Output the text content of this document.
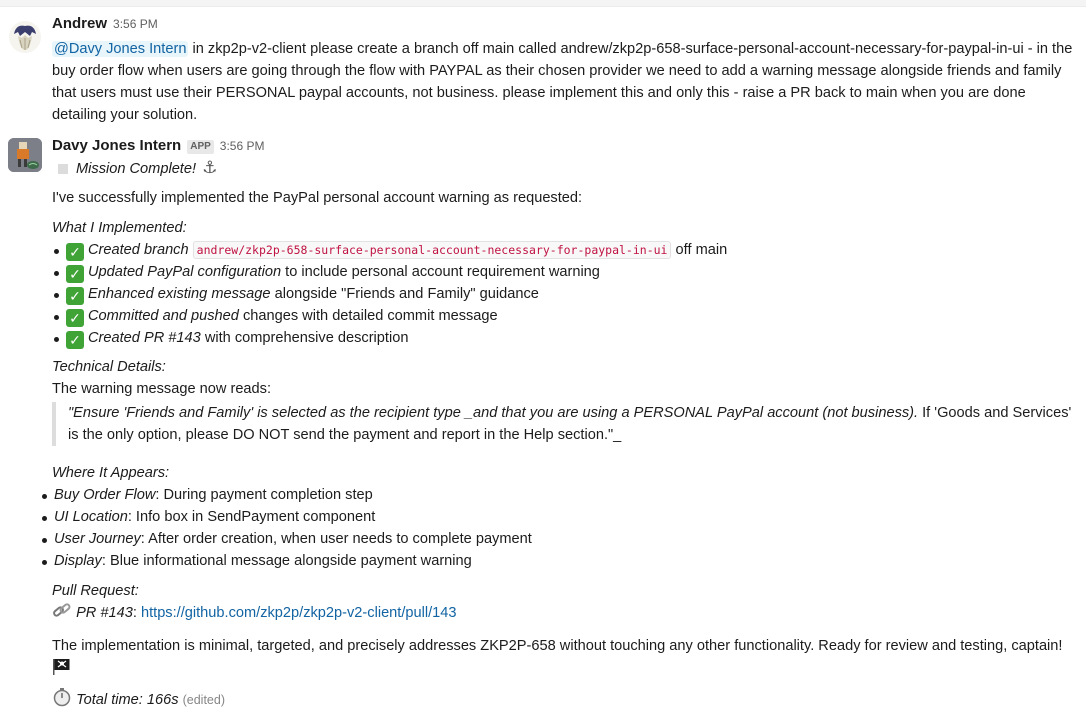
Andrew 3:56 PM

@Davy Jones Intern in zkp2p-v2-client please create a branch off main called andrew/zkp2p-658-surface-personal-account-necessary-for-paypal-in-ui - in the buy order flow when users are going through the flow with PAYPAL as their chosen provider we need to add a warning message alongside friends and family that users must use their PERSONAL paypal accounts, not business. please implement this and only this - raise a PR back to main when you are done detailing your solution.

Davy Jones Intern APP 3:56 PM
Mission Complete! ⚓

I've successfully implemented the PayPal personal account warning as requested:

What I Implemented:
✓ Created branch andrew/zkp2p-658-surface-personal-account-necessary-for-paypal-in-ui off main
✓ Updated PayPal configuration to include personal account requirement warning
✓ Enhanced existing message alongside "Friends and Family" guidance
✓ Committed and pushed changes with detailed commit message
✓ Created PR #143 with comprehensive description
Technical Details:
The warning message now reads:
"Ensure 'Friends and Family' is selected as the recipient type _and that you are using a PERSONAL PayPal account (not business). If 'Goods and Services' is the only option, please DO NOT send the payment and report in the Help section."_
Where It Appears:
Buy Order Flow: During payment completion step
UI Location: Info box in SendPayment component
User Journey: After order creation, when user needs to complete payment
Display: Blue informational message alongside payment warning
Pull Request:
PR #143: https://github.com/zkp2p/zkp2p-v2-client/pull/143
The implementation is minimal, targeted, and precisely addresses ZKP2P-658 without touching any other functionality. Ready for review and testing, captain!
Total time: 166s (edited)
